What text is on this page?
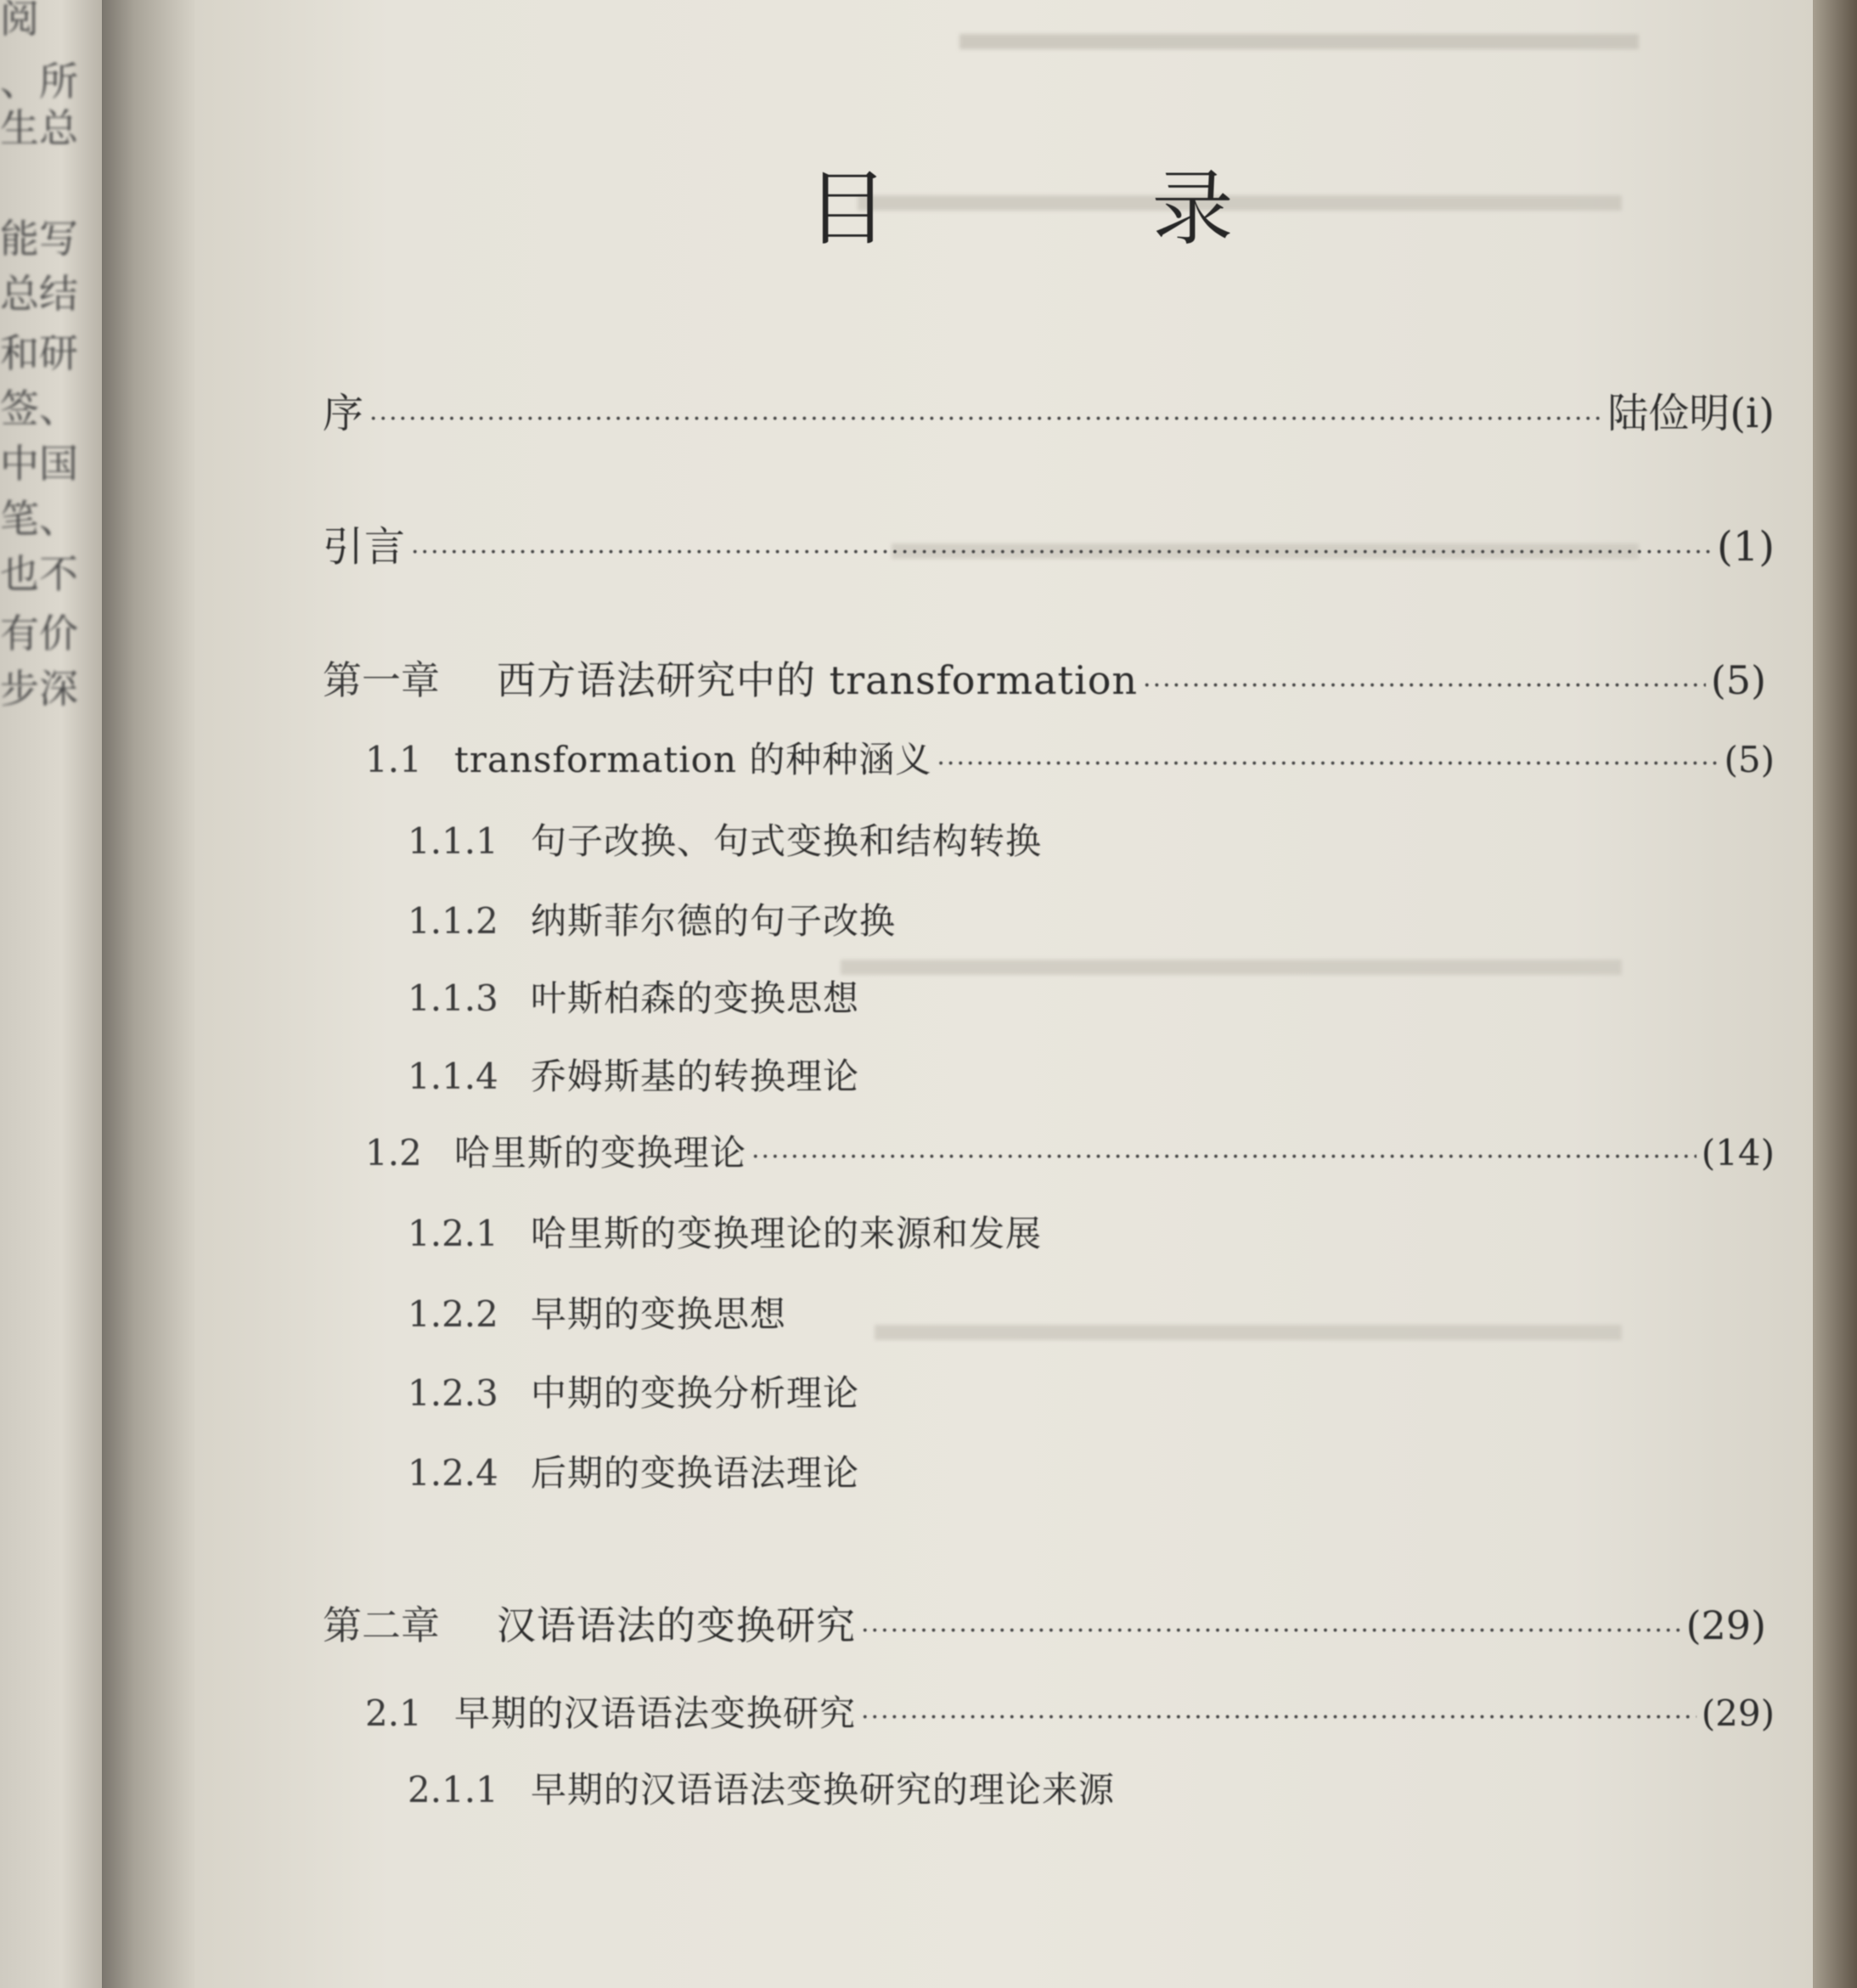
阅
、所
生总
能写
总结
和研
签、
中国
笔、
也不
有价
步深
目 录
序 ·····	陆俭明(ⅰ)
引言 ·····	(1)
第一章	西方语法研究中的 transformation ·····	(5)
1.1 transformation 的种种涵义 ·····	(5)
1.1.1 句子改换、句式变换和结构转换
1.1.2 纳斯菲尔德的句子改换
1.1.3 叶斯柏森的变换思想
1.1.4 乔姆斯基的转换理论
1.2 哈里斯的变换理论 ·····	(14)
1.2.1 哈里斯的变换理论的来源和发展
1.2.2 早期的变换思想
1.2.3 中期的变换分析理论
1.2.4 后期的变换语法理论
第二章	汉语语法的变换研究 ·····	(29)
2.1 早期的汉语语法变换研究 ·····	(29)
2.1.1 早期的汉语语法变换研究的理论来源
